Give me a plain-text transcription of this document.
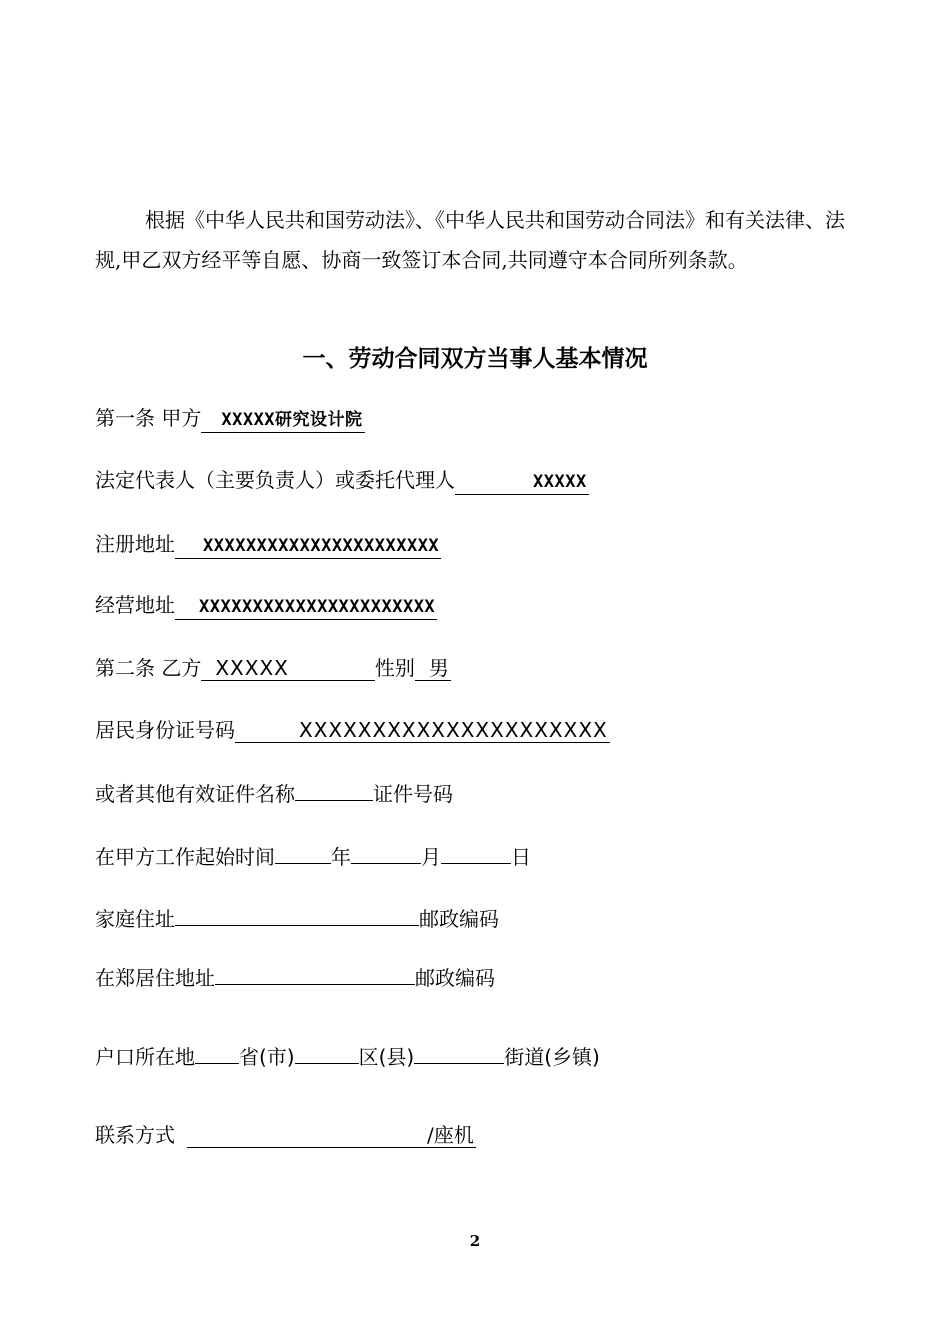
根据《中华人民共和国劳动法》、《中华人民共和国劳动合同法》和有关法律、法规,甲乙双方经平等自愿、协商一致签订本合同,共同遵守本合同所列条款。

一、劳动合同双方当事人基本情况
第一条 甲方 XXXXX研究设计院
法定代表人（主要负责人）或委托代理人	XXXXX
注册地址 XXXXXXXXXXXXXXXXXXXXXX
经营地址 XXXXXXXXXXXXXXXXXXXXXX
第二条 乙方 XXXXX	性别 男
居民身份证号码	XXXXXXXXXXXXXXXXXXXXX
或者其他有效证件名称	证件号码
在甲方工作起始时间	年	月	日
家庭住址	邮政编码
在郑居住地址	邮政编码
户口所在地 省(市)	区(县)	街道(乡镇)
联系方式	/座机
2
